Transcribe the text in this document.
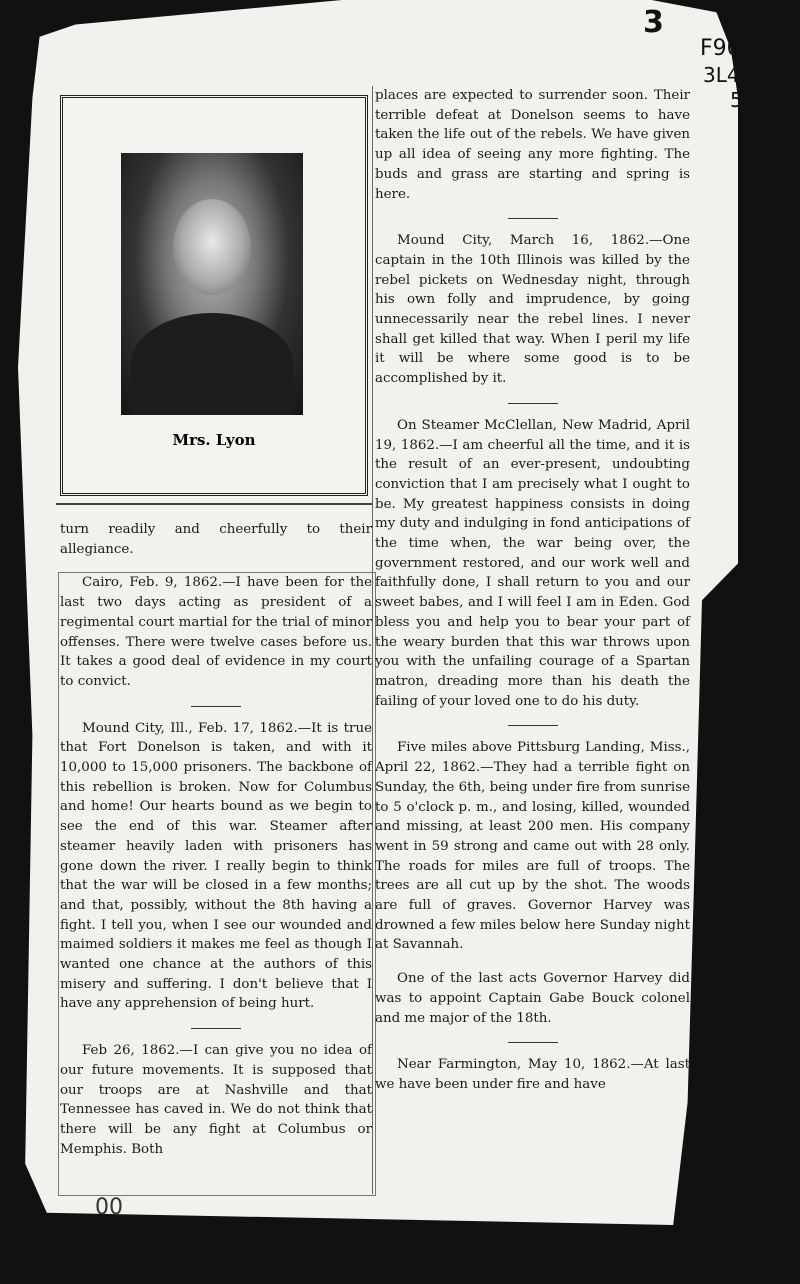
3
F902
3L4
5
Mrs. Lyon

turn readily and cheerfully to their allegiance.

Cairo, Feb. 9, 1862.—I have been for the last two days acting as president of a regimental court martial for the trial of minor offenses. There were twelve cases before us. It takes a good deal of evidence in my court to convict.

Mound City, Ill., Feb. 17, 1862.—It is true that Fort Donelson is taken, and with it 10,000 to 15,000 prisoners. The backbone of this rebellion is broken. Now for Columbus and home! Our hearts bound as we begin to see the end of this war. Steamer after steamer heavily laden with prisoners has gone down the river. I really begin to think that the war will be closed in a few months; and that, possibly, without the 8th having a fight. I tell you, when I see our wounded and maimed soldiers it makes me feel as though I wanted one chance at the authors of this misery and suffering. I don't believe that I have any apprehension of being hurt.

Feb 26, 1862.—I can give you no idea of our future movements. It is supposed that our troops are at Nashville and that Tennessee has caved in. We do not think that there will be any fight at Columbus or Memphis. Both

places are expected to surrender soon. Their terrible defeat at Donelson seems to have taken the life out of the rebels. We have given up all idea of seeing any more fighting. The buds and grass are starting and spring is here.

Mound City, March 16, 1862.—One captain in the 10th Illinois was killed by the rebel pickets on Wednesday night, through his own folly and imprudence, by going unnecessarily near the rebel lines. I never shall get killed that way. When I peril my life it will be where some good is to be accomplished by it.

On Steamer McClellan, New Madrid, April 19, 1862.—I am cheerful all the time, and it is the result of an ever-present, undoubting conviction that I am precisely what I ought to be. My greatest happiness consists in doing my duty and indulging in fond anticipations of the time when, the war being over, the government restored, and our work well and faithfully done, I shall return to you and our sweet babes, and I will feel I am in Eden. God bless you and help you to bear your part of the weary burden that this war throws upon you with the unfailing courage of a Spartan matron, dreading more than his death the failing of your loved one to do his duty.

Five miles above Pittsburg Landing, Miss., April 22, 1862.—They had a terrible fight on Sunday, the 6th, being under fire from sunrise to 5 o'clock p. m., and losing, killed, wounded and missing, at least 200 men. His company went in 59 strong and came out with 28 only. The roads for miles are full of troops. The trees are all cut up by the shot. The woods are full of graves. Governor Harvey was drowned a few miles below here Sunday night at Savannah.

One of the last acts Governor Harvey did was to appoint Captain Gabe Bouck colonel and me major of the 18th.

Near Farmington, May 10, 1862.—At last we have been under fire and have

00
